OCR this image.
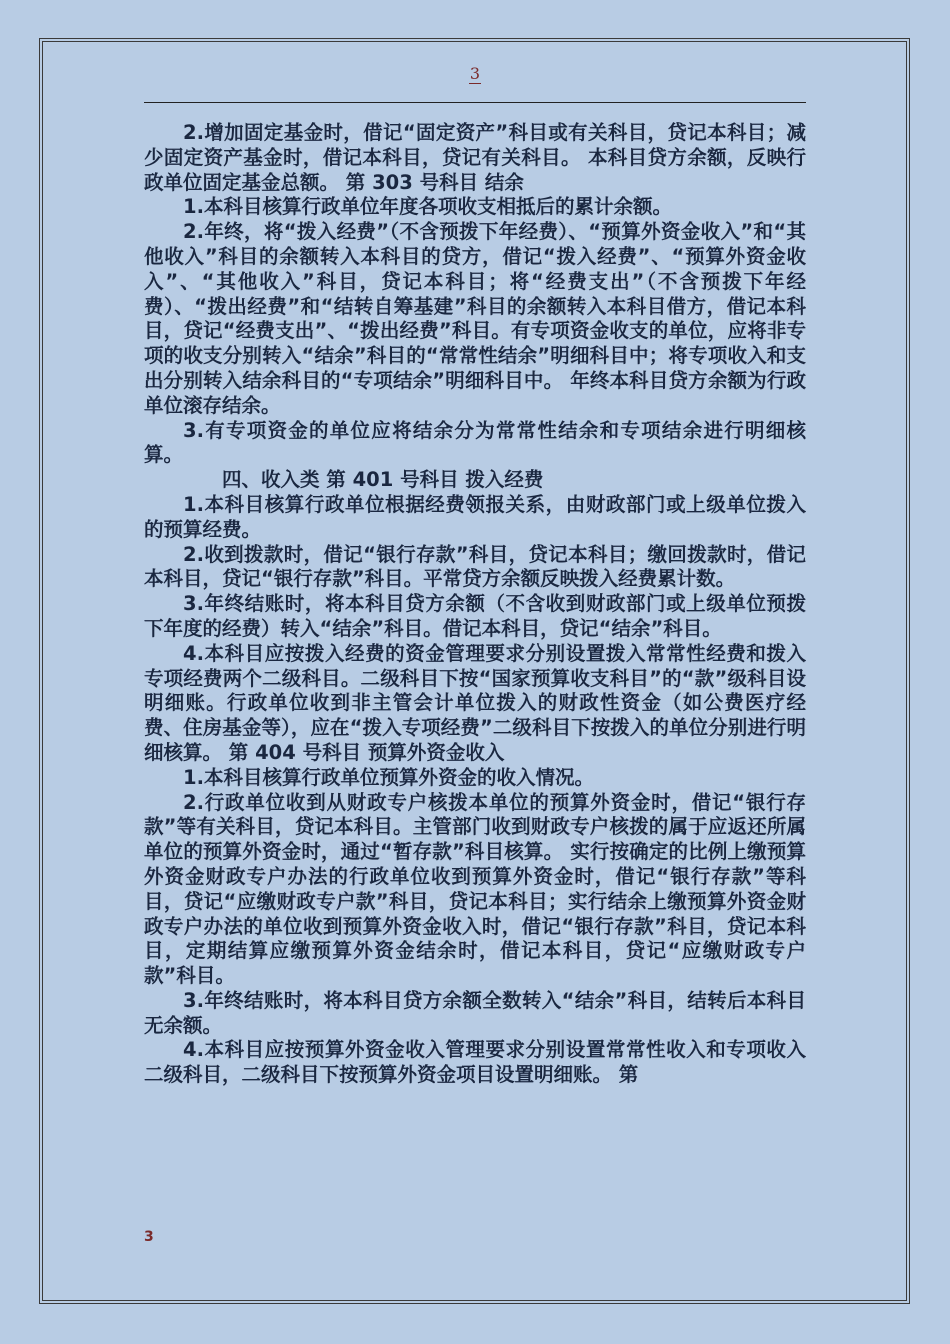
3

2.增加固定基金时，借记“固定资产”科目或有关科目，贷记本科目；减少固定资产基金时，借记本科目，贷记有关科目。 本科目贷方余额，反映行政单位固定基金总额。 第 303 号科目 结余

1.本科目核算行政单位年度各项收支相抵后的累计余额。

2.年终，将“拨入经费”（不含预拨下年经费）、“预算外资金收入”和“其他收入”科目的余额转入本科目的贷方，借记“拨入经费”、“预算外资金收入”、“其他收入”科目，贷记本科目；将“经费支出”（不含预拨下年经费）、“拨出经费”和“结转自筹基建”科目的余额转入本科目借方，借记本科目，贷记“经费支出”、“拨出经费”科目。有专项资金收支的单位，应将非专项的收支分别转入“结余”科目的“常常性结余”明细科目中；将专项收入和支出分别转入结余科目的“专项结余”明细科目中。 年终本科目贷方余额为行政单位滚存结余。

3.有专项资金的单位应将结余分为常常性结余和专项结余进行明细核算。

四、收入类 第 401 号科目 拨入经费

1.本科目核算行政单位根据经费领报关系，由财政部门或上级单位拨入的预算经费。

2.收到拨款时，借记“银行存款”科目，贷记本科目；缴回拨款时，借记本科目，贷记“银行存款”科目。平常贷方余额反映拨入经费累计数。

3.年终结账时，将本科目贷方余额（不含收到财政部门或上级单位预拨下年度的经费）转入“结余”科目。借记本科目，贷记“结余”科目。

4.本科目应按拨入经费的资金管理要求分别设置拨入常常性经费和拨入专项经费两个二级科目。二级科目下按“国家预算收支科目”的“款”级科目设明细账。行政单位收到非主管会计单位拨入的财政性资金（如公费医疗经费、住房基金等），应在“拨入专项经费”二级科目下按拨入的单位分别进行明细核算。 第 404 号科目 预算外资金收入

1.本科目核算行政单位预算外资金的收入情况。

2.行政单位收到从财政专户核拨本单位的预算外资金时，借记“银行存款”等有关科目，贷记本科目。主管部门收到财政专户核拨的属于应返还所属单位的预算外资金时，通过“暂存款”科目核算。 实行按确定的比例上缴预算外资金财政专户办法的行政单位收到预算外资金时，借记“银行存款”等科目，贷记“应缴财政专户款”科目，贷记本科目；实行结余上缴预算外资金财政专户办法的单位收到预算外资金收入时，借记“银行存款”科目，贷记本科目，定期结算应缴预算外资金结余时，借记本科目，贷记“应缴财政专户款”科目。

3.年终结账时，将本科目贷方余额全数转入“结余”科目，结转后本科目无余额。

4.本科目应按预算外资金收入管理要求分别设置常常性收入和专项收入二级科目，二级科目下按预算外资金项目设置明细账。 第

3
